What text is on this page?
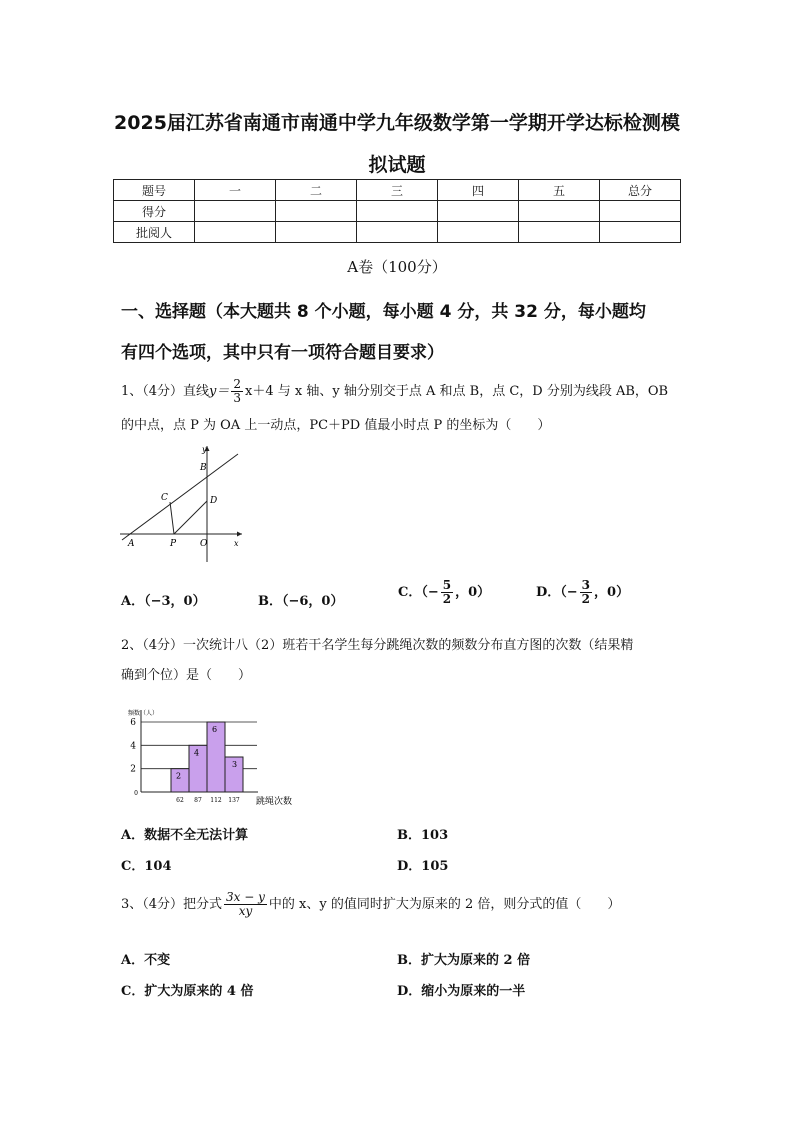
2025届江苏省南通市南通中学九年级数学第一学期开学达标检测模
拟试题
题号	一	二	三	四	五	总分
得分						
批阅人						
A卷（100分）
一、选择题（本大题共 8 个小题，每小题 4 分，共 32 分，每小题均
有四个选项，其中只有一项符合题目要求）
1、（4分）直线$y= \frac{2}{3} x+4$ 与 x 轴、y 轴分别交于点 A 和点 B，点 C，D 分别为线段 AB，OB
的中点，点 P 为 OA 上一动点，PC＋PD 值最小时点 P 的坐标为（　　）
y
B
C	D
A	P	O	x
A．（−3，0）	B．（−6，0）
C．（− $\frac{5}{2}$ ，0）	D．（− $\frac{3}{2}$ ，0）
2、（4分）一次统计八（2）班若干名学生每分跳绳次数的频数分布直方图的次数（结果精
确到个位）是（　　）
频数（人）
跳绳次数
0
2
4
6
2
62
4
87
6
112
3
137
A．数据不全无法计算	B．103
C．104	D．105
3、（4分）把分式 $\frac{3x - y}{xy}$ 中的 x、y 的值同时扩大为原来的 2 倍，则分式的值（　　）
A．不变	B．扩大为原来的 2 倍
C．扩大为原来的 4 倍	D．缩小为原来的一半
